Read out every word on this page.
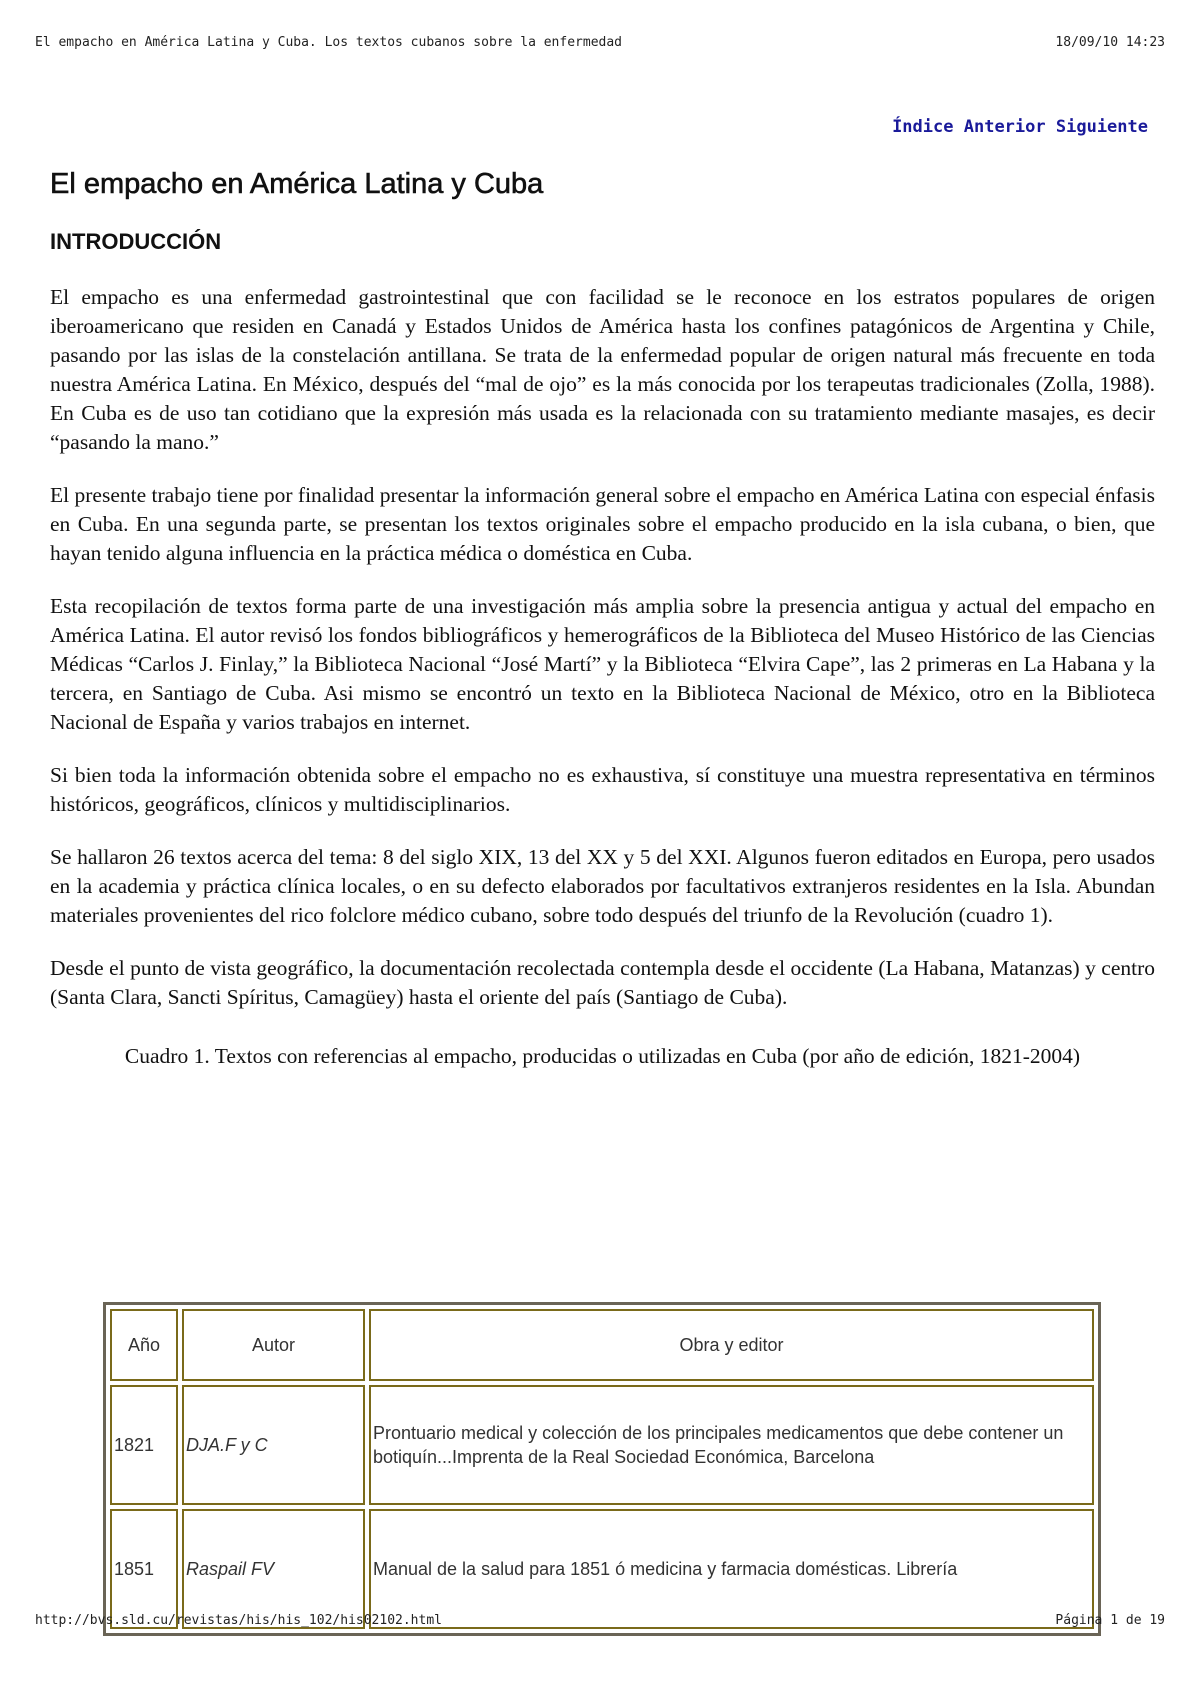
El empacho en América Latina y Cuba. Los textos cubanos sobre la enfermedad	18/09/10 14:23
Índice Anterior Siguiente
El empacho en América Latina y Cuba
INTRODUCCIÓN

El empacho es una enfermedad gastrointestinal que con facilidad se le reconoce en los estratos populares de origen iberoamericano que residen en Canadá y Estados Unidos de América hasta los confines patagónicos de Argentina y Chile, pasando por las islas de la constelación antillana. Se trata de la enfermedad popular de origen natural más frecuente en toda nuestra América Latina. En México, después del “mal de ojo” es la más conocida por los terapeutas tradicionales (Zolla, 1988). En Cuba es de uso tan cotidiano que la expresión más usada es la relacionada con su tratamiento mediante masajes, es decir “pasando la mano.”

El presente trabajo tiene por finalidad presentar la información general sobre el empacho en América Latina con especial énfasis en Cuba. En una segunda parte, se presentan los textos originales sobre el empacho producido en la isla cubana, o bien, que hayan tenido alguna influencia en la práctica médica o doméstica en Cuba.

Esta recopilación de textos forma parte de una investigación más amplia sobre la presencia antigua y actual del empacho en América Latina. El autor revisó los fondos bibliográficos y hemerográficos de la Biblioteca del Museo Histórico de las Ciencias Médicas “Carlos J. Finlay,” la Biblioteca Nacional “José Martí” y la Biblioteca “Elvira Cape”, las 2 primeras en La Habana y la tercera, en Santiago de Cuba. Asi mismo se encontró un texto en la Biblioteca Nacional de México, otro en la Biblioteca Nacional de España y varios trabajos en internet.

Si bien toda la información obtenida sobre el empacho no es exhaustiva, sí constituye una muestra representativa en términos históricos, geográficos, clínicos y multidisciplinarios.

Se hallaron 26 textos acerca del tema: 8 del siglo XIX, 13 del XX y 5 del XXI. Algunos fueron editados en Europa, pero usados en la academia y práctica clínica locales, o en su defecto elaborados por facultativos extranjeros residentes en la Isla. Abundan materiales provenientes del rico folclore médico cubano, sobre todo después del triunfo de la Revolución (cuadro 1).

Desde el punto de vista geográfico, la documentación recolectada contempla desde el occidente (La Habana, Matanzas) y centro (Santa Clara, Sancti Spíritus, Camagüey) hasta el oriente del país (Santiago de Cuba).

Cuadro 1. Textos con referencias al empacho, producidas o utilizadas en Cuba (por año de edición, 1821-2004)
Año	Autor	Obra y editor
1821	DJA.F y C	Prontuario medical y colección de los principales medicamentos que debe contener un botiquín...Imprenta de la Real Sociedad Económica, Barcelona
1851	Raspail FV	Manual de la salud para 1851 ó medicina y farmacia domésticas. Librería
http://bvs.sld.cu/revistas/his/his_102/his02102.html	Página 1 de 19
